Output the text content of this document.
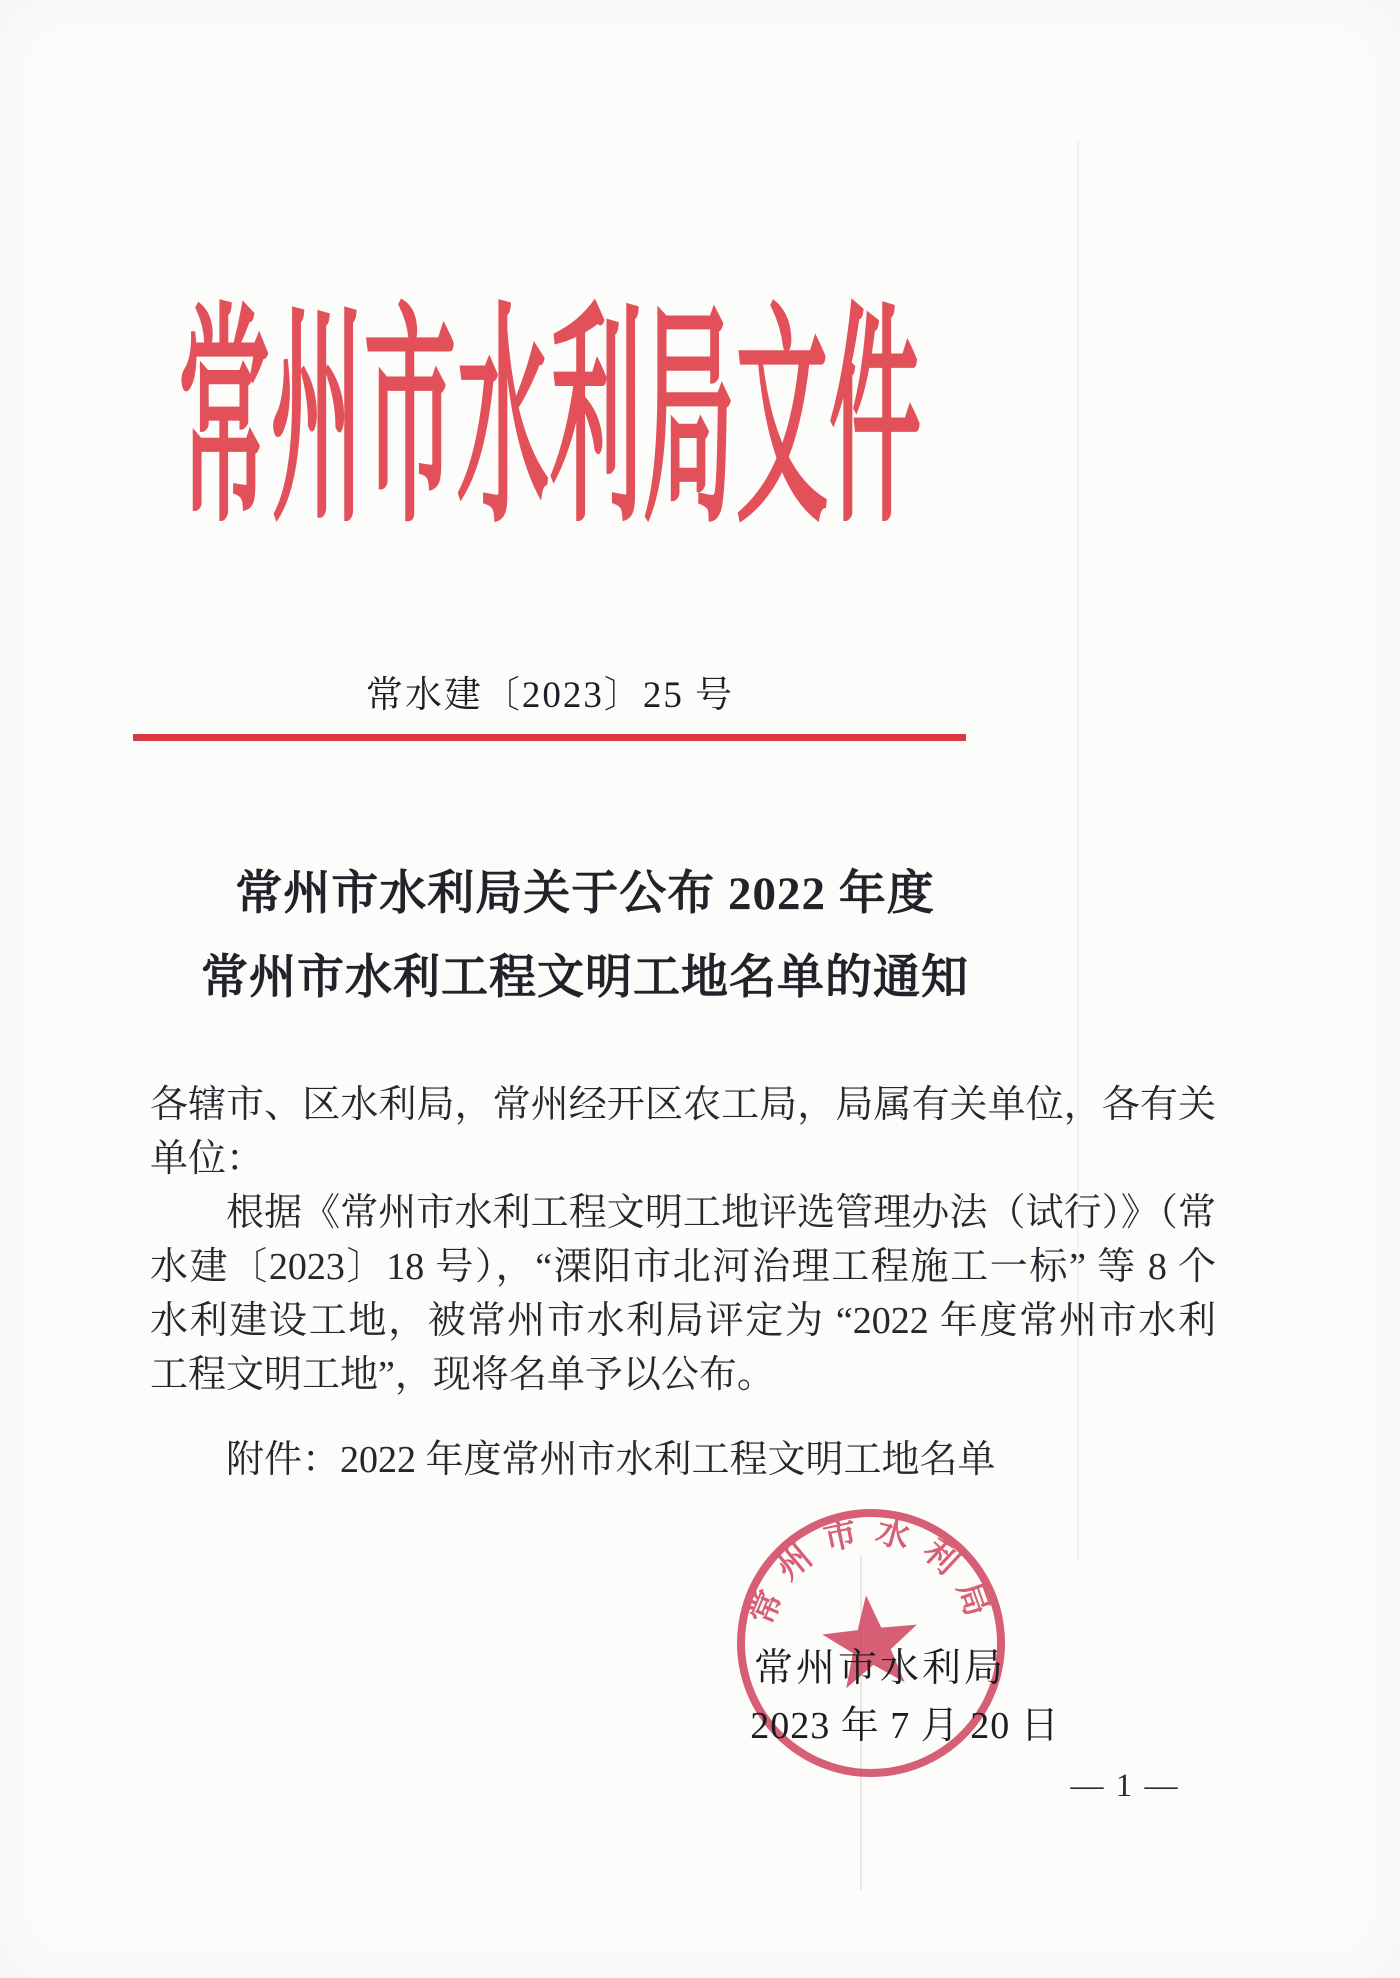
常州市水利局文件
常水建〔2023〕25 号
常州市水利局关于公布 2022 年度
常州市水利工程文明工地名单的通知
各辖市、区水利局，常州经开区农工局，局属有关单位，各有关
单位：
根据《常州市水利工程文明工地评选管理办法（试行）》（常
水建〔2023〕18 号），“溧阳市北河治理工程施工一标” 等 8 个
水利建设工地，被常州市水利局评定为 “2022 年度常州市水利
工程文明工地”，现将名单予以公布。
附件：2022 年度常州市水利工程文明工地名单
常州市水利局
常州市水利局
2023 年 7 月 20 日
— 1 —
